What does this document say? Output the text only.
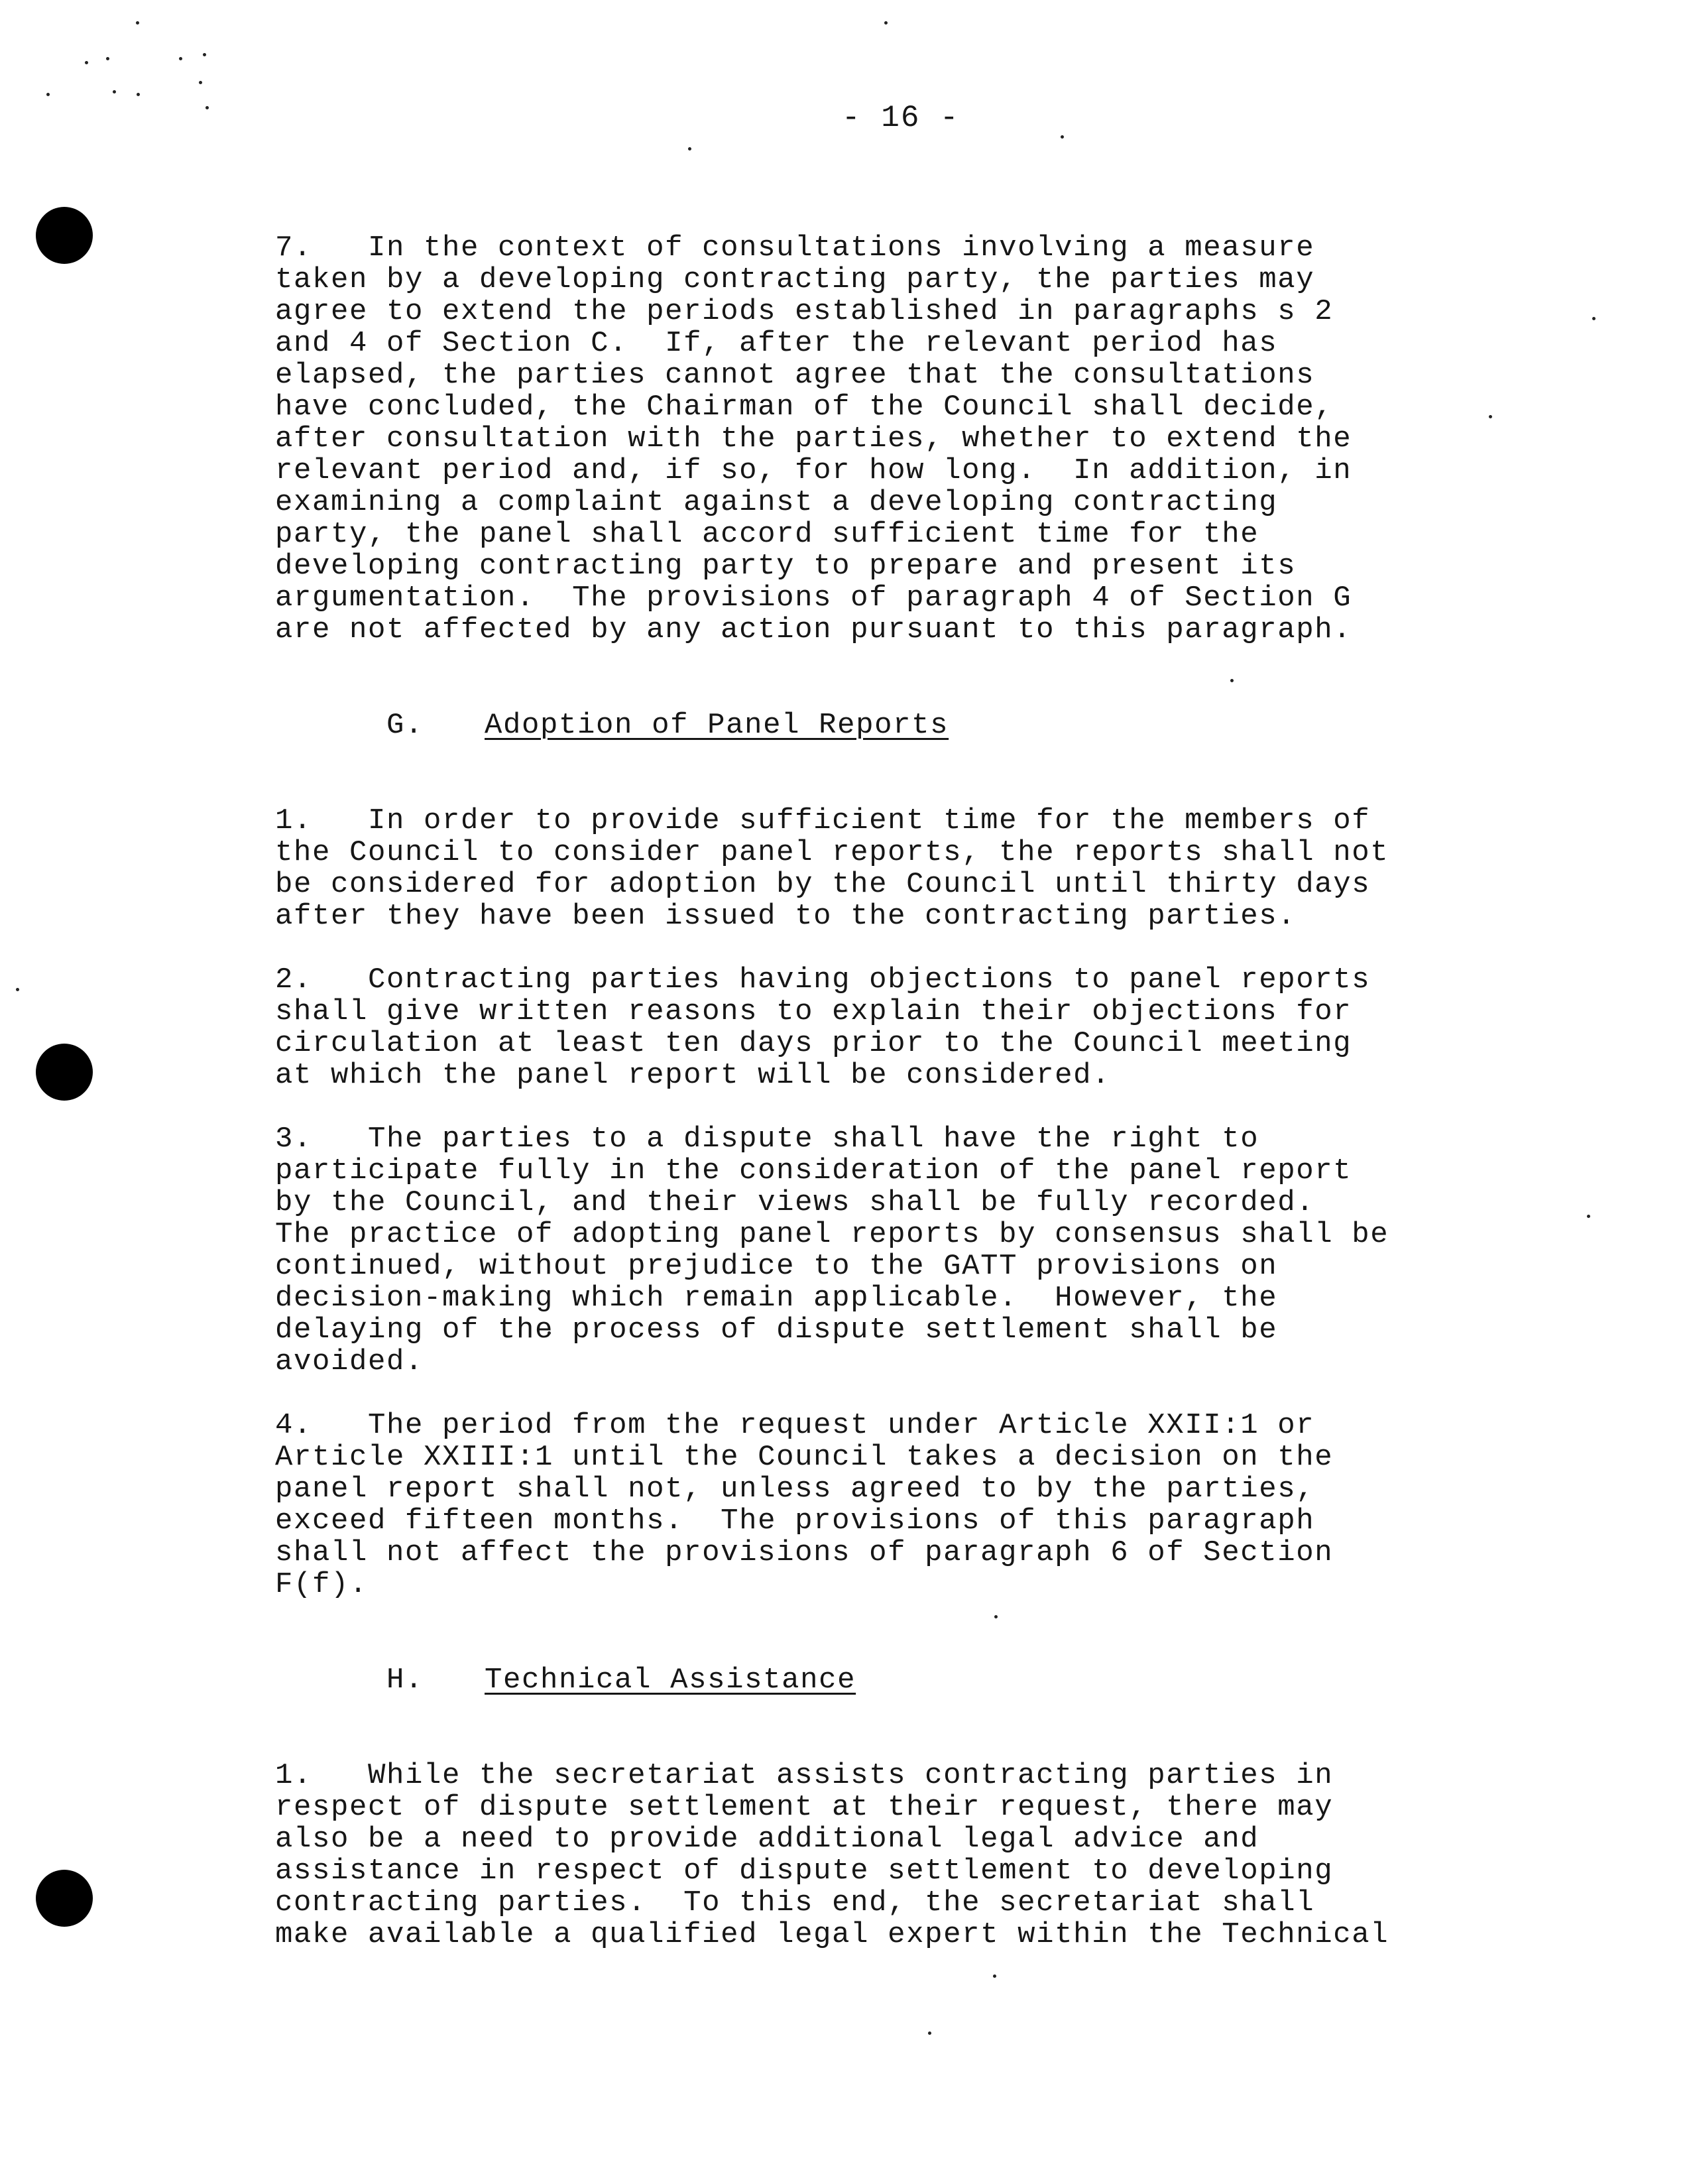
- 16 -
7.   In the context of consultations involving a measure
taken by a developing contracting party, the parties may
agree to extend the periods established in paragraphs s 2
and 4 of Section C.  If, after the relevant period has
elapsed, the parties cannot agree that the consultations
have concluded, the Chairman of the Council shall decide,
after consultation with the parties, whether to extend the
relevant period and, if so, for how long.  In addition, in
examining a complaint against a developing contracting
party, the panel shall accord sufficient time for the
developing contracting party to prepare and present its
argumentation.  The provisions of paragraph 4 of Section G
are not affected by any action pursuant to this paragraph.

G. Adoption of Panel Reports

1.   In order to provide sufficient time for the members of
the Council to consider panel reports, the reports shall not
be considered for adoption by the Council until thirty days
after they have been issued to the contracting parties.
2.   Contracting parties having objections to panel reports
shall give written reasons to explain their objections for
circulation at least ten days prior to the Council meeting
at which the panel report will be considered.
3.   The parties to a dispute shall have the right to
participate fully in the consideration of the panel report
by the Council, and their views shall be fully recorded.
The practice of adopting panel reports by consensus shall be
continued, without prejudice to the GATT provisions on
decision-making which remain applicable.  However, the
delaying of the process of dispute settlement shall be
avoided.
4.   The period from the request under Article XXII:1 or
Article XXIII:1 until the Council takes a decision on the
panel report shall not, unless agreed to by the parties,
exceed fifteen months.  The provisions of this paragraph
shall not affect the provisions of paragraph 6 of Section
F(f).

H. Technical Assistance

1.   While the secretariat assists contracting parties in
respect of dispute settlement at their request, there may
also be a need to provide additional legal advice and
assistance in respect of dispute settlement to developing
contracting parties.  To this end, the secretariat shall
make available a qualified legal expert within the Technical
